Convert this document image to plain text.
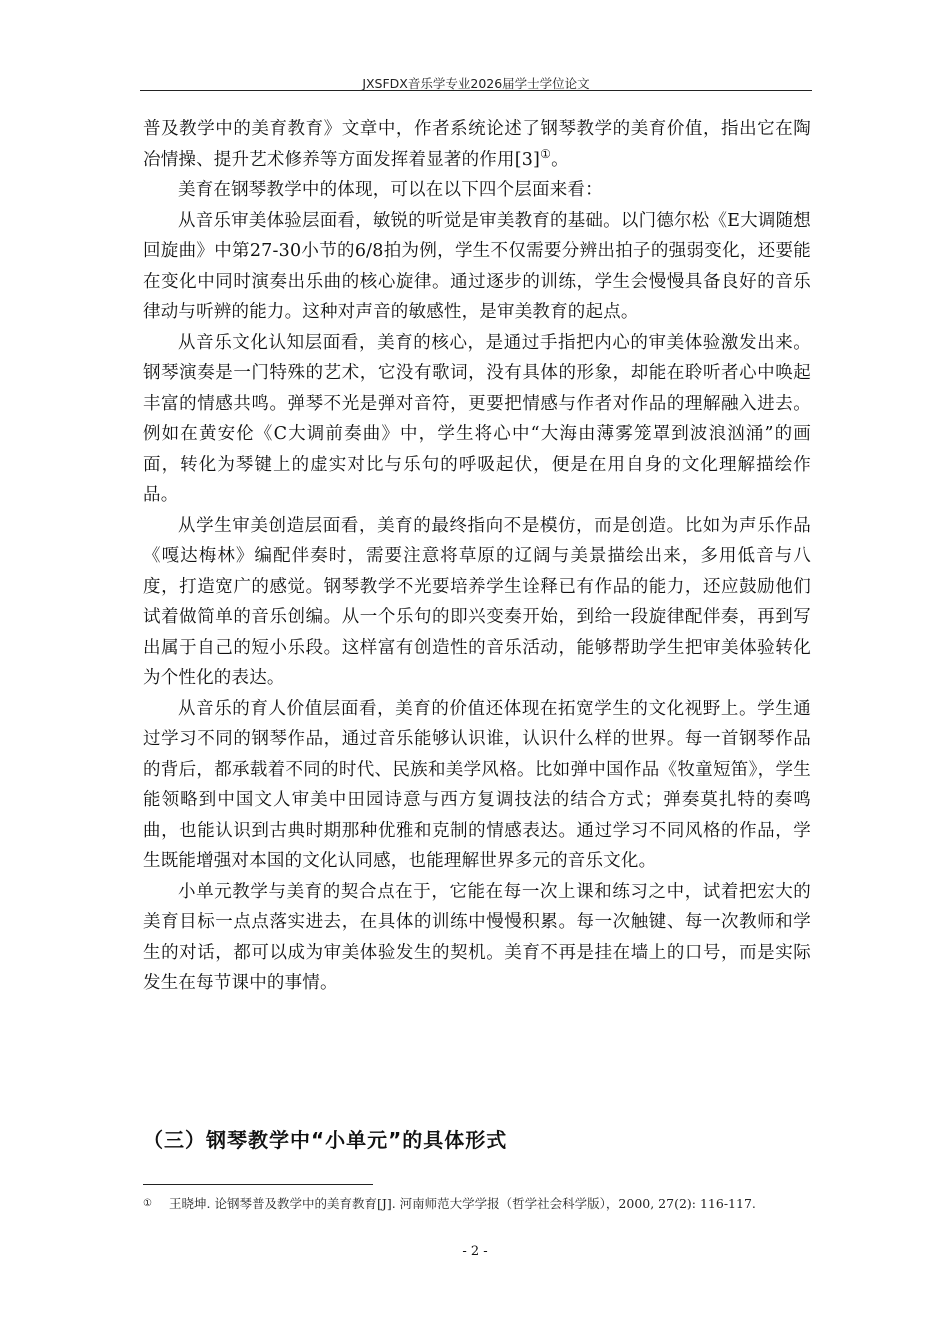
JXSFDX音乐学专业2026届学士学位论文

普及教学中的美育教育》文章中，作者系统论述了钢琴教学的美育价值，指出它在陶冶情操、提升艺术修养等方面发挥着显著的作用[3]①。

美育在钢琴教学中的体现，可以在以下四个层面来看：

从音乐审美体验层面看，敏锐的听觉是审美教育的基础。以门德尔松《E大调随想回旋曲》中第27-30小节的6/8拍为例，学生不仅需要分辨出拍子的强弱变化，还要能在变化中同时演奏出乐曲的核心旋律。通过逐步的训练，学生会慢慢具备良好的音乐律动与听辨的能力。这种对声音的敏感性，是审美教育的起点。

从音乐文化认知层面看，美育的核心，是通过手指把内心的审美体验激发出来。钢琴演奏是一门特殊的艺术，它没有歌词，没有具体的形象，却能在聆听者心中唤起丰富的情感共鸣。弹琴不光是弹对音符，更要把情感与作者对作品的理解融入进去。例如在黄安伦《C大调前奏曲》中，学生将心中“大海由薄雾笼罩到波浪汹涌”的画面，转化为琴键上的虚实对比与乐句的呼吸起伏，便是在用自身的文化理解描绘作品。

从学生审美创造层面看，美育的最终指向不是模仿，而是创造。比如为声乐作品《嘎达梅林》编配伴奏时，需要注意将草原的辽阔与美景描绘出来，多用低音与八度，打造宽广的感觉。钢琴教学不光要培养学生诠释已有作品的能力，还应鼓励他们试着做简单的音乐创编。从一个乐句的即兴变奏开始，到给一段旋律配伴奏，再到写出属于自己的短小乐段。这样富有创造性的音乐活动，能够帮助学生把审美体验转化为个性化的表达。

从音乐的育人价值层面看，美育的价值还体现在拓宽学生的文化视野上。学生通过学习不同的钢琴作品，通过音乐能够认识谁，认识什么样的世界。每一首钢琴作品的背后，都承载着不同的时代、民族和美学风格。比如弹中国作品《牧童短笛》，学生能领略到中国文人审美中田园诗意与西方复调技法的结合方式；弹奏莫扎特的奏鸣曲，也能认识到古典时期那种优雅和克制的情感表达。通过学习不同风格的作品，学生既能增强对本国的文化认同感，也能理解世界多元的音乐文化。

小单元教学与美育的契合点在于，它能在每一次上课和练习之中，试着把宏大的美育目标一点点落实进去，在具体的训练中慢慢积累。每一次触键、每一次教师和学生的对话，都可以成为审美体验发生的契机。美育不再是挂在墙上的口号，而是实际发生在每节课中的事情。

（三）钢琴教学中“小单元”的具体形式
① 王晓坤. 论钢琴普及教学中的美育教育[J]. 河南师范大学学报（哲学社会科学版），2000, 27(2): 116-117.
- 2 -
